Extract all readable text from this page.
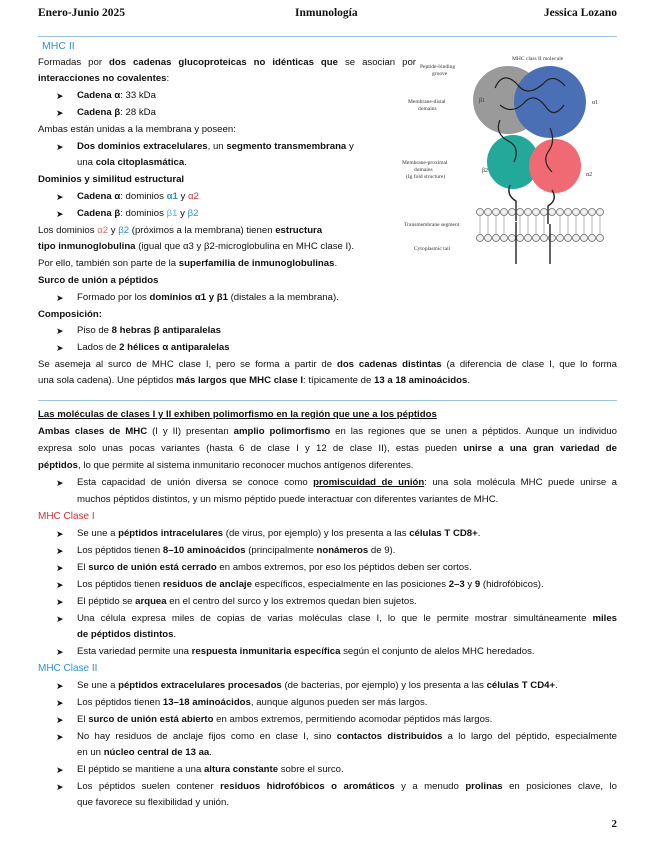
Enero-Junio 2025	Inmunología	Jessica Lozano
MHC II
Formadas por dos cadenas glucoproteicas no idénticas que se asocian por
interacciones no covalentes:
➤ Cadena α: 33 kDa
➤ Cadena β: 28 kDa
Ambas están unidas a la membrana y poseen:
➤ Dos dominios extracelulares, un segmento transmembrana y
una cola citoplasmática.
Dominios y similitud estructural
➤ Cadena α: dominios α1 y α2
➤ Cadena β: dominios β1 y β2
Los dominios α2 y β2 (próximos a la membrana) tienen estructura
tipo inmunoglobulina (igual que α3 y β2-microglobulina en MHC clase I).
Por ello, también son parte de la superfamilia de inmunoglobulinas.
Surco de unión a péptidos
➤ Formado por los dominios α1 y β1 (distales a la membrana).
Composición:
➤ Piso de 8 hebras β antiparalelas
➤ Lados de 2 hélices α antiparalelas
Se asemeja al surco de MHC clase I, pero se forma a partir de dos cadenas distintas (a diferencia de clase I, que lo forma
una sola cadena). Une péptidos más largos que MHC clase I: típicamente de 13 a 18 aminoácidos.
MHC class II molecule
Peptide-binding
groove
Membrane-distal
domains
Membrane-proximal
domains
(Ig fold structure)
Transmembrane segment
Cytoplasmic tail
β1	α1
β2
α2
Las moléculas de clases I y II exhiben polimorfismo en la región que une a los péptidos
Ambas clases de MHC (I y II) presentan amplio polimorfismo en las regiones que se unen a péptidos. Aunque un individuo
expresa solo unas pocas variantes (hasta 6 de clase I y 12 de clase II), estas pueden unirse a una gran variedad de
péptidos, lo que permite al sistema inmunitario reconocer muchos antígenos diferentes.
➤ Esta capacidad de unión diversa se conoce como promiscuidad de unión: una sola molécula MHC puede unirse a
muchos péptidos distintos, y un mismo péptido puede interactuar con diferentes variantes de MHC.
MHC Clase I
➤ Se une a péptidos intracelulares (de virus, por ejemplo) y los presenta a las células T CD8+.
➤ Los péptidos tienen 8–10 aminoácidos (principalmente nonámeros de 9).
➤ El surco de unión está cerrado en ambos extremos, por eso los péptidos deben ser cortos.
➤ Los péptidos tienen residuos de anclaje específicos, especialmente en las posiciones 2–3 y 9 (hidrofóbicos).
➤ El péptido se arquea en el centro del surco y los extremos quedan bien sujetos.
➤ Una célula expresa miles de copias de varias moléculas clase I, lo que le permite mostrar simultáneamente miles
de péptidos distintos.
➤ Esta variedad permite una respuesta inmunitaria específica según el conjunto de alelos MHC heredados.
MHC Clase II
➤ Se une a péptidos extracelulares procesados (de bacterias, por ejemplo) y los presenta a las células T CD4+.
➤ Los péptidos tienen 13–18 aminoácidos, aunque algunos pueden ser más largos.
➤ El surco de unión está abierto en ambos extremos, permitiendo acomodar péptidos más largos.
➤ No hay residuos de anclaje fijos como en clase I, sino contactos distribuidos a lo largo del péptido, especialmente
en un núcleo central de 13 aa.
➤ El péptido se mantiene a una altura constante sobre el surco.
➤ Los péptidos suelen contener residuos hidrofóbicos o aromáticos y a menudo prolinas en posiciones clave, lo
que favorece su flexibilidad y unión.
2
